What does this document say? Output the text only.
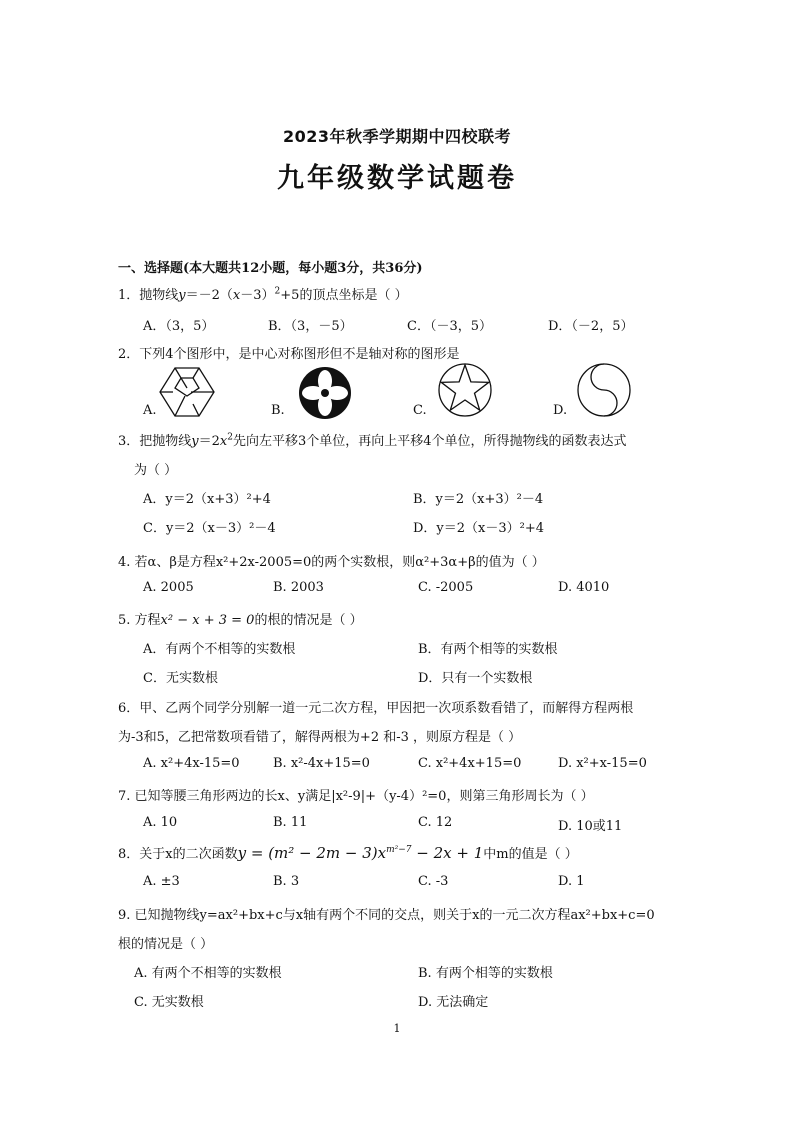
2023年秋季学期期中四校联考
九年级数学试题卷
一、选择题(本大题共12小题，每小题3分，共36分)
1．抛物线$y=-2(x-3)^2+5$的顶点坐标是（ ）
A．（3，5）	B．（3，－5）	C．（－3，5）	D．（－2，5）
2．下列4个图形中，是中心对称图形但不是轴对称的图形是
A.	B.	C.	D.
3．把抛物线$y=2x^2$先向左平移3个单位，再向上平移4个单位，所得抛物线的函数表达式
为（ ）
A．y＝2（x+3）²+4	B．y＝2（x+3）²－4
C．y＝2（x－3）²－4	D．y＝2（x－3）²+4
4. 若α、β是方程x²+2x-2005=0的两个实数根，则α²+3α+β的值为（ ）
A. 2005	B. 2003	C. -2005	D. 4010
5. 方程x² − x + 3 = 0的根的情况是（ ）
A．有两个不相等的实数根	B．有两个相等的实数根
C．无实数根	D．只有一个实数根
6．甲、乙两个同学分别解一道一元二次方程，甲因把一次项系数看错了，而解得方程两根
为-3和5，乙把常数项看错了，解得两根为+2 和-3 ，则原方程是（ ）
A. x²+4x-15=0	B. x²-4x+15=0	C. x²+4x+15=0	D. x²+x-15=0
7. 已知等腰三角形两边的长x、y满足|x²-9|+（y-4）²=0，则第三角形周长为（ ）
A. 10	B. 11	C. 12	D. 10或11
8．关于x的二次函数$y = (m^2 - 2m - 3)x^{m^2-7} - 2x + 1$中m的值是（ ）
A. ±3	B. 3	C. -3	D. 1
9. 已知抛物线y=ax²+bx+c与x轴有两个不同的交点，则关于x的一元二次方程ax²+bx+c=0
根的情况是（ ）
A. 有两个不相等的实数根	B. 有两个相等的实数根
C. 无实数根	D. 无法确定
1
